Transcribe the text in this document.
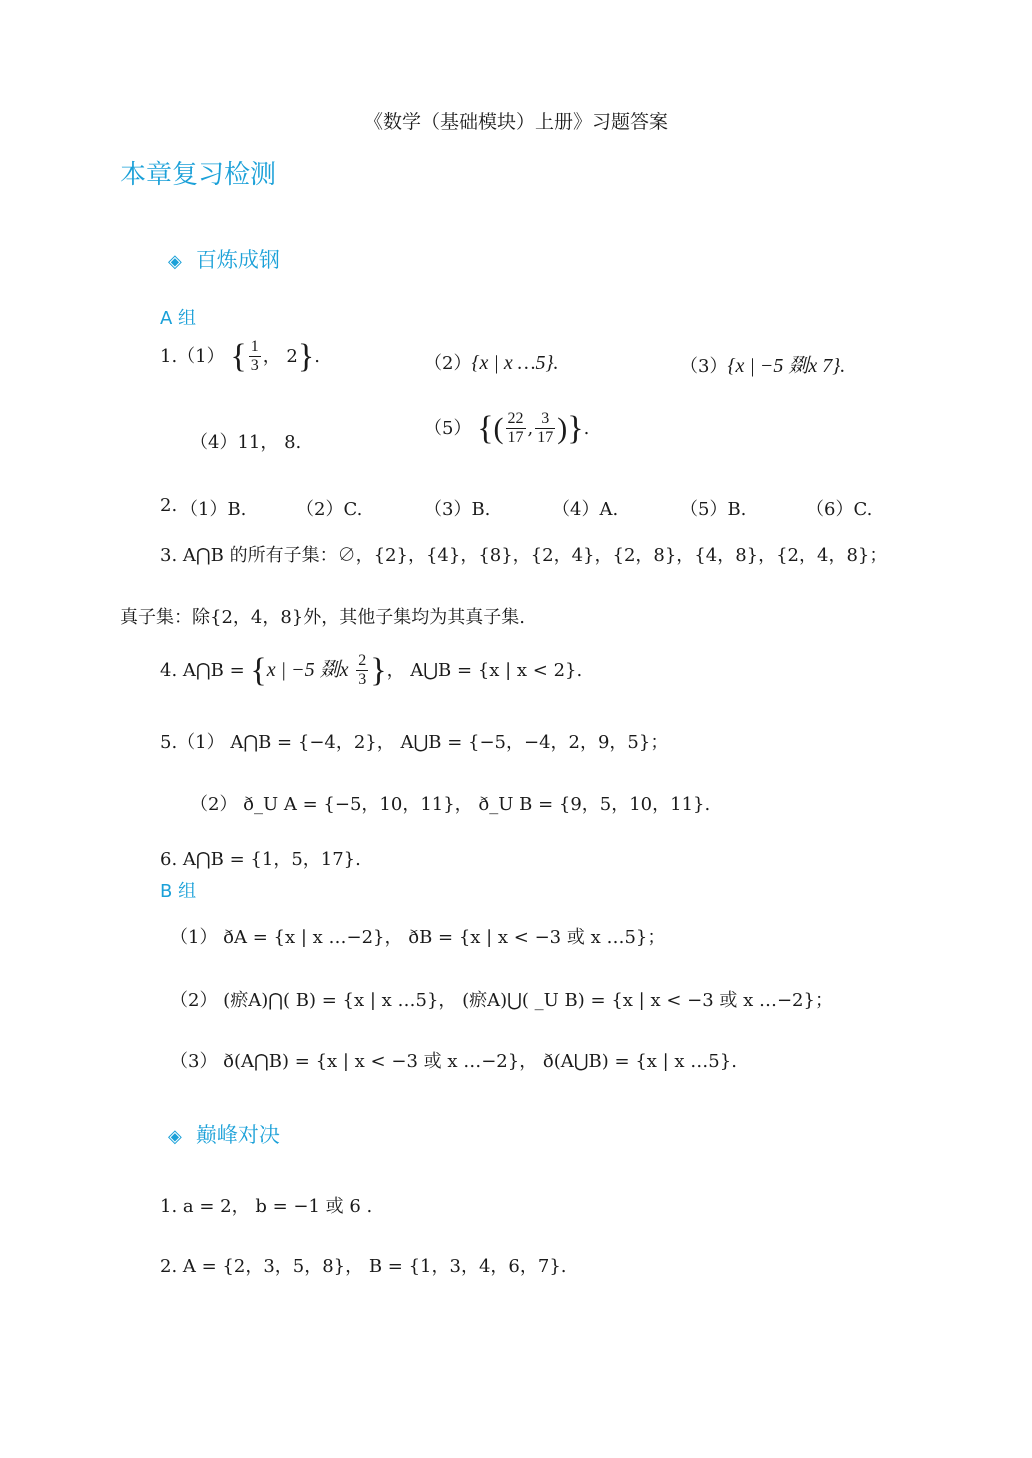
《数学（基础模块）上册》习题答案
本章复习检测
◈ 百炼成钢
A 组
1.（1） { $\frac{1}{3}$ ， 2}.	（2）{x | x …5}.	（3）{x | −5 剟x 7}.
（4）11， 8.
（5） {( $\frac{22}{17}$ , $\frac{3}{17}$ )}.
2. （1）B.	（2）C.	（3）B.	（4）A.	（5）B.	（6）C.
3. A⋂B 的所有子集：∅，{2}，{4}，{8}，{2，4}，{2，8}，{4，8}，{2，4，8}；
真子集：除{2，4，8}外，其他子集均为其真子集.
4. A⋂B = {x | −5 剟x $\frac{2}{3}$ }， A⋃B = {x | x < 2}.
5.（1） A⋂B = {−4，2}， A⋃B = {−5，−4，2，9，5}；
（2） ð_U A = {−5，10，11}， ð_U B = {9，5，10，11}.
6. A⋂B = {1，5，17}.
B 组
（1） ðA = {x | x …−2}， ðB = {x | x < −3 或 x …5}；
（2） (瘀A)⋂( B) = {x | x …5}， (瘀A)⋃( _U B) = {x | x < −3 或 x …−2}；
（3） ð(A⋂B) = {x | x < −3 或 x …−2}， ð(A⋃B) = {x | x …5}.
◈ 巅峰对决
1. a = 2， b = −1 或 6 .
2. A = {2，3，5，8}， B = {1，3，4，6，7}.
